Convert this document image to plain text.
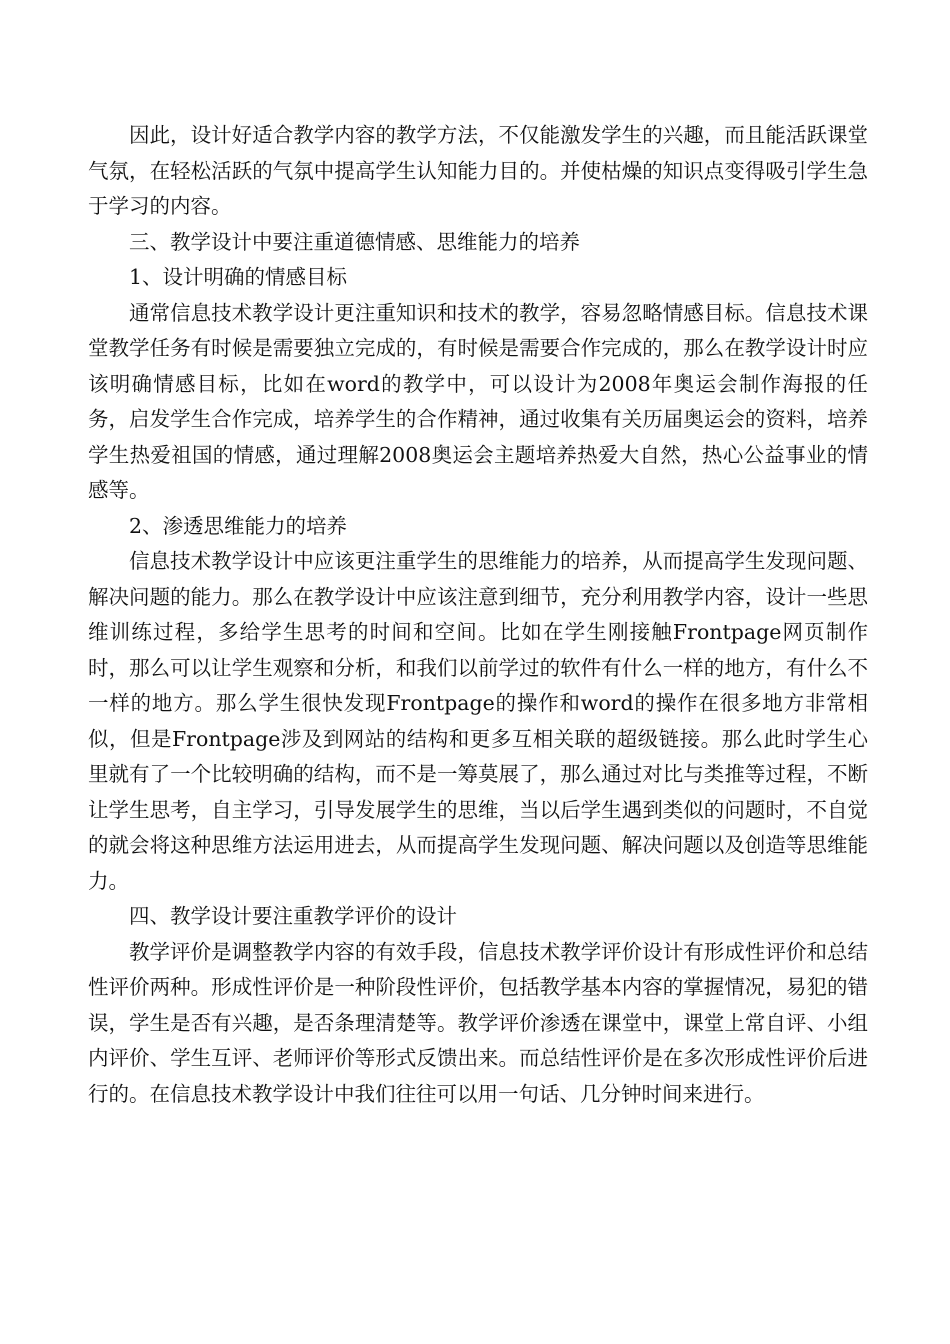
因此，设计好适合教学内容的教学方法，不仅能激发学生的兴趣，而且能活跃课堂气氛，在轻松活跃的气氛中提高学生认知能力目的。并使枯燥的知识点变得吸引学生急于学习的内容。

三、教学设计中要注重道德情感、思维能力的培养

1、设计明确的情感目标

通常信息技术教学设计更注重知识和技术的教学，容易忽略情感目标。信息技术课堂教学任务有时候是需要独立完成的，有时候是需要合作完成的，那么在教学设计时应该明确情感目标，比如在word的教学中，可以设计为2008年奥运会制作海报的任务，启发学生合作完成，培养学生的合作精神，通过收集有关历届奥运会的资料，培养学生热爱祖国的情感，通过理解2008奥运会主题培养热爱大自然，热心公益事业的情感等。

2、渗透思维能力的培养

信息技术教学设计中应该更注重学生的思维能力的培养，从而提高学生发现问题、解决问题的能力。那么在教学设计中应该注意到细节，充分利用教学内容，设计一些思维训练过程，多给学生思考的时间和空间。比如在学生刚接触Frontpage网页制作时，那么可以让学生观察和分析，和我们以前学过的软件有什么一样的地方，有什么不一样的地方。那么学生很快发现Frontpage的操作和word的操作在很多地方非常相似，但是Frontpage涉及到网站的结构和更多互相关联的超级链接。那么此时学生心里就有了一个比较明确的结构，而不是一筹莫展了，那么通过对比与类推等过程，不断让学生思考，自主学习，引导发展学生的思维，当以后学生遇到类似的问题时，不自觉的就会将这种思维方法运用进去，从而提高学生发现问题、解决问题以及创造等思维能力。

四、教学设计要注重教学评价的设计

教学评价是调整教学内容的有效手段，信息技术教学评价设计有形成性评价和总结性评价两种。形成性评价是一种阶段性评价，包括教学基本内容的掌握情况，易犯的错误，学生是否有兴趣，是否条理清楚等。教学评价渗透在课堂中，课堂上常自评、小组内评价、学生互评、老师评价等形式反馈出来。而总结性评价是在多次形成性评价后进行的。在信息技术教学设计中我们往往可以用一句话、几分钟时间来进行。
